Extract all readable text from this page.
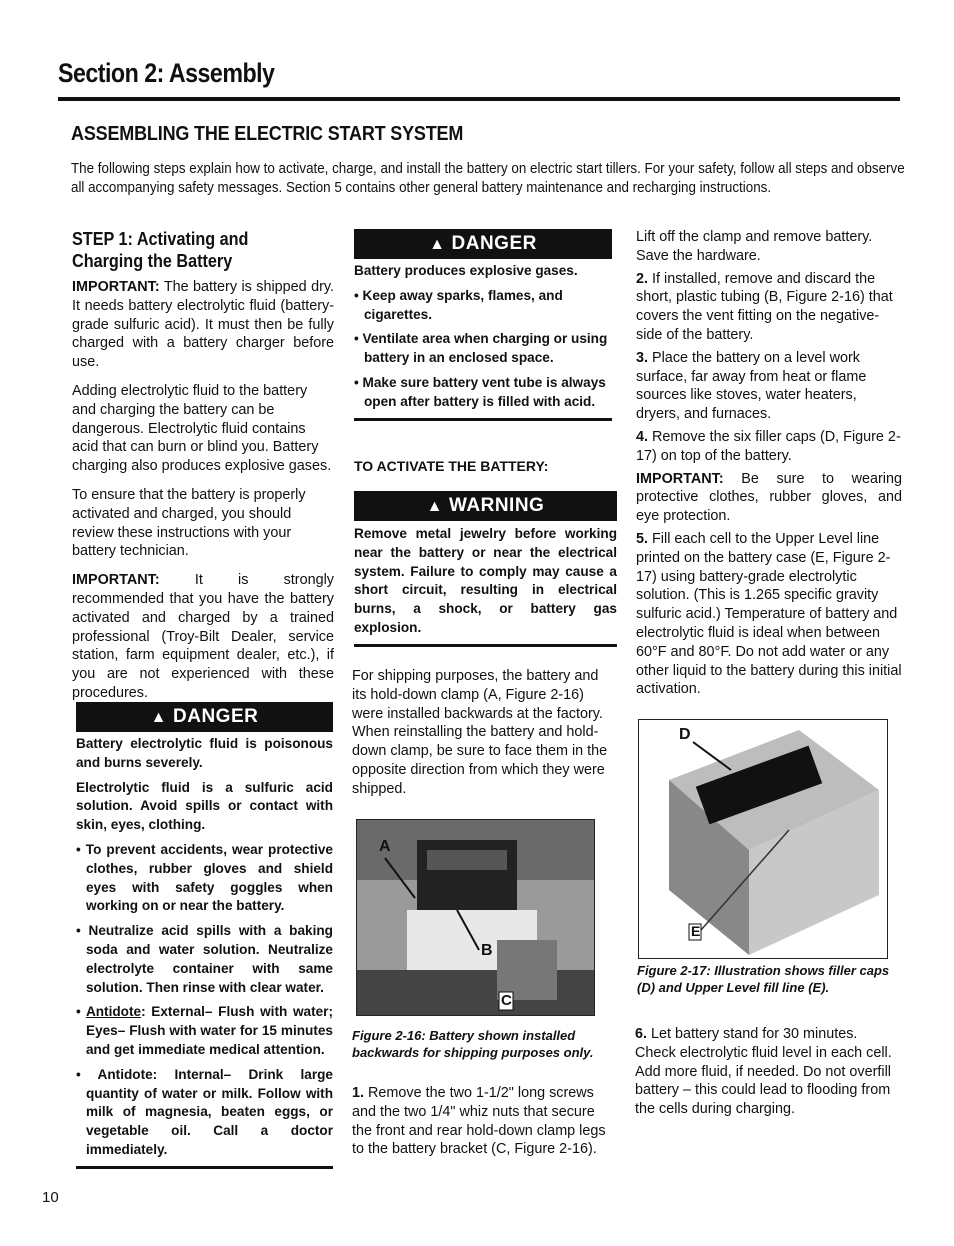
Section 2: Assembly
ASSEMBLING THE ELECTRIC START SYSTEM
The following steps explain how to activate, charge, and install the battery on electric start tillers. For your safety, follow all steps and observe all accompanying safety messages. Section 5 contains other general battery maintenance and recharging instructions.
STEP 1: Activating and
Charging the Battery

IMPORTANT: The battery is shipped dry. It needs battery electrolytic fluid (battery-grade sulfuric acid). It must then be fully charged with a battery charger before use.

Adding electrolytic fluid to the battery and charging the battery can be dangerous. Electrolytic fluid contains acid that can burn or blind you. Battery charging also produces explosive gases.

To ensure that the battery is properly activated and charged, you should review these instructions with your battery technician.

IMPORTANT: It is strongly recommended that you have the battery activated and charged by a trained professional (Troy-Bilt Dealer, service station, farm equipment dealer, etc.), if you are not experienced with these procedures.

▲ DANGER

Battery electrolytic fluid is poisonous and burns severely.

Electrolytic fluid is a sulfuric acid solution. Avoid spills or contact with skin, eyes, clothing.

• To prevent accidents, wear protective clothes, rubber gloves and shield eyes with safety goggles when working on or near the battery.

• Neutralize acid spills with a baking soda and water solution. Neutralize electrolyte container with same solution. Then rinse with clear water.

• Antidote: External– Flush with water; Eyes– Flush with water for 15 minutes and get immediate medical attention.

• Antidote: Internal– Drink large quantity of water or milk. Follow with milk of magnesia, beaten eggs, or vegetable oil. Call a doctor immediately.

▲ DANGER

Battery produces explosive gases.

• Keep away sparks, flames, and cigarettes.

• Ventilate area when charging or using battery in an enclosed space.

• Make sure battery vent tube is always open after battery is filled with acid.

TO ACTIVATE THE BATTERY:
▲ WARNING
Remove metal jewelry before working near the battery or near the electrical system. Failure to comply may cause a short circuit, resulting in electrical burns, a shock, or battery gas explosion.

For shipping purposes, the battery and its hold-down clamp (A, Figure 2-16) were installed backwards at the factory. When reinstalling the battery and hold-down clamp, be sure to face them in the opposite direction from which they were shipped.

A
B
C
Figure 2-16: Battery shown installed backwards for shipping purposes only.

1. Remove the two 1-1/2" long screws and the two 1/4" whiz nuts that secure the front and rear hold-down clamp legs to the battery bracket (C, Figure 2-16).

Lift off the clamp and remove battery. Save the hardware.

2. If installed, remove and discard the short, plastic tubing (B, Figure 2-16) that covers the vent fitting on the negative-side of the battery.

3. Place the battery on a level work surface, far away from heat or flame sources like stoves, water heaters, dryers, and furnaces.

4. Remove the six filler caps (D, Figure 2-17) on top of the battery.

IMPORTANT: Be sure to wearing protective clothes, rubber gloves, and eye protection.

5. Fill each cell to the Upper Level line printed on the battery case (E, Figure 2-17) using battery-grade electrolytic solution. (This is 1.265 specific gravity sulfuric acid.) Temperature of battery and electrolytic fluid is ideal when between 60°F and 80°F. Do not add water or any other liquid to the battery during this initial activation.

D
E
Figure 2-17: Illustration shows filler caps (D) and Upper Level fill line (E).

6. Let battery stand for 30 minutes. Check electrolytic fluid level in each cell. Add more fluid, if needed. Do not overfill battery – this could lead to flooding from the cells during charging.

10
